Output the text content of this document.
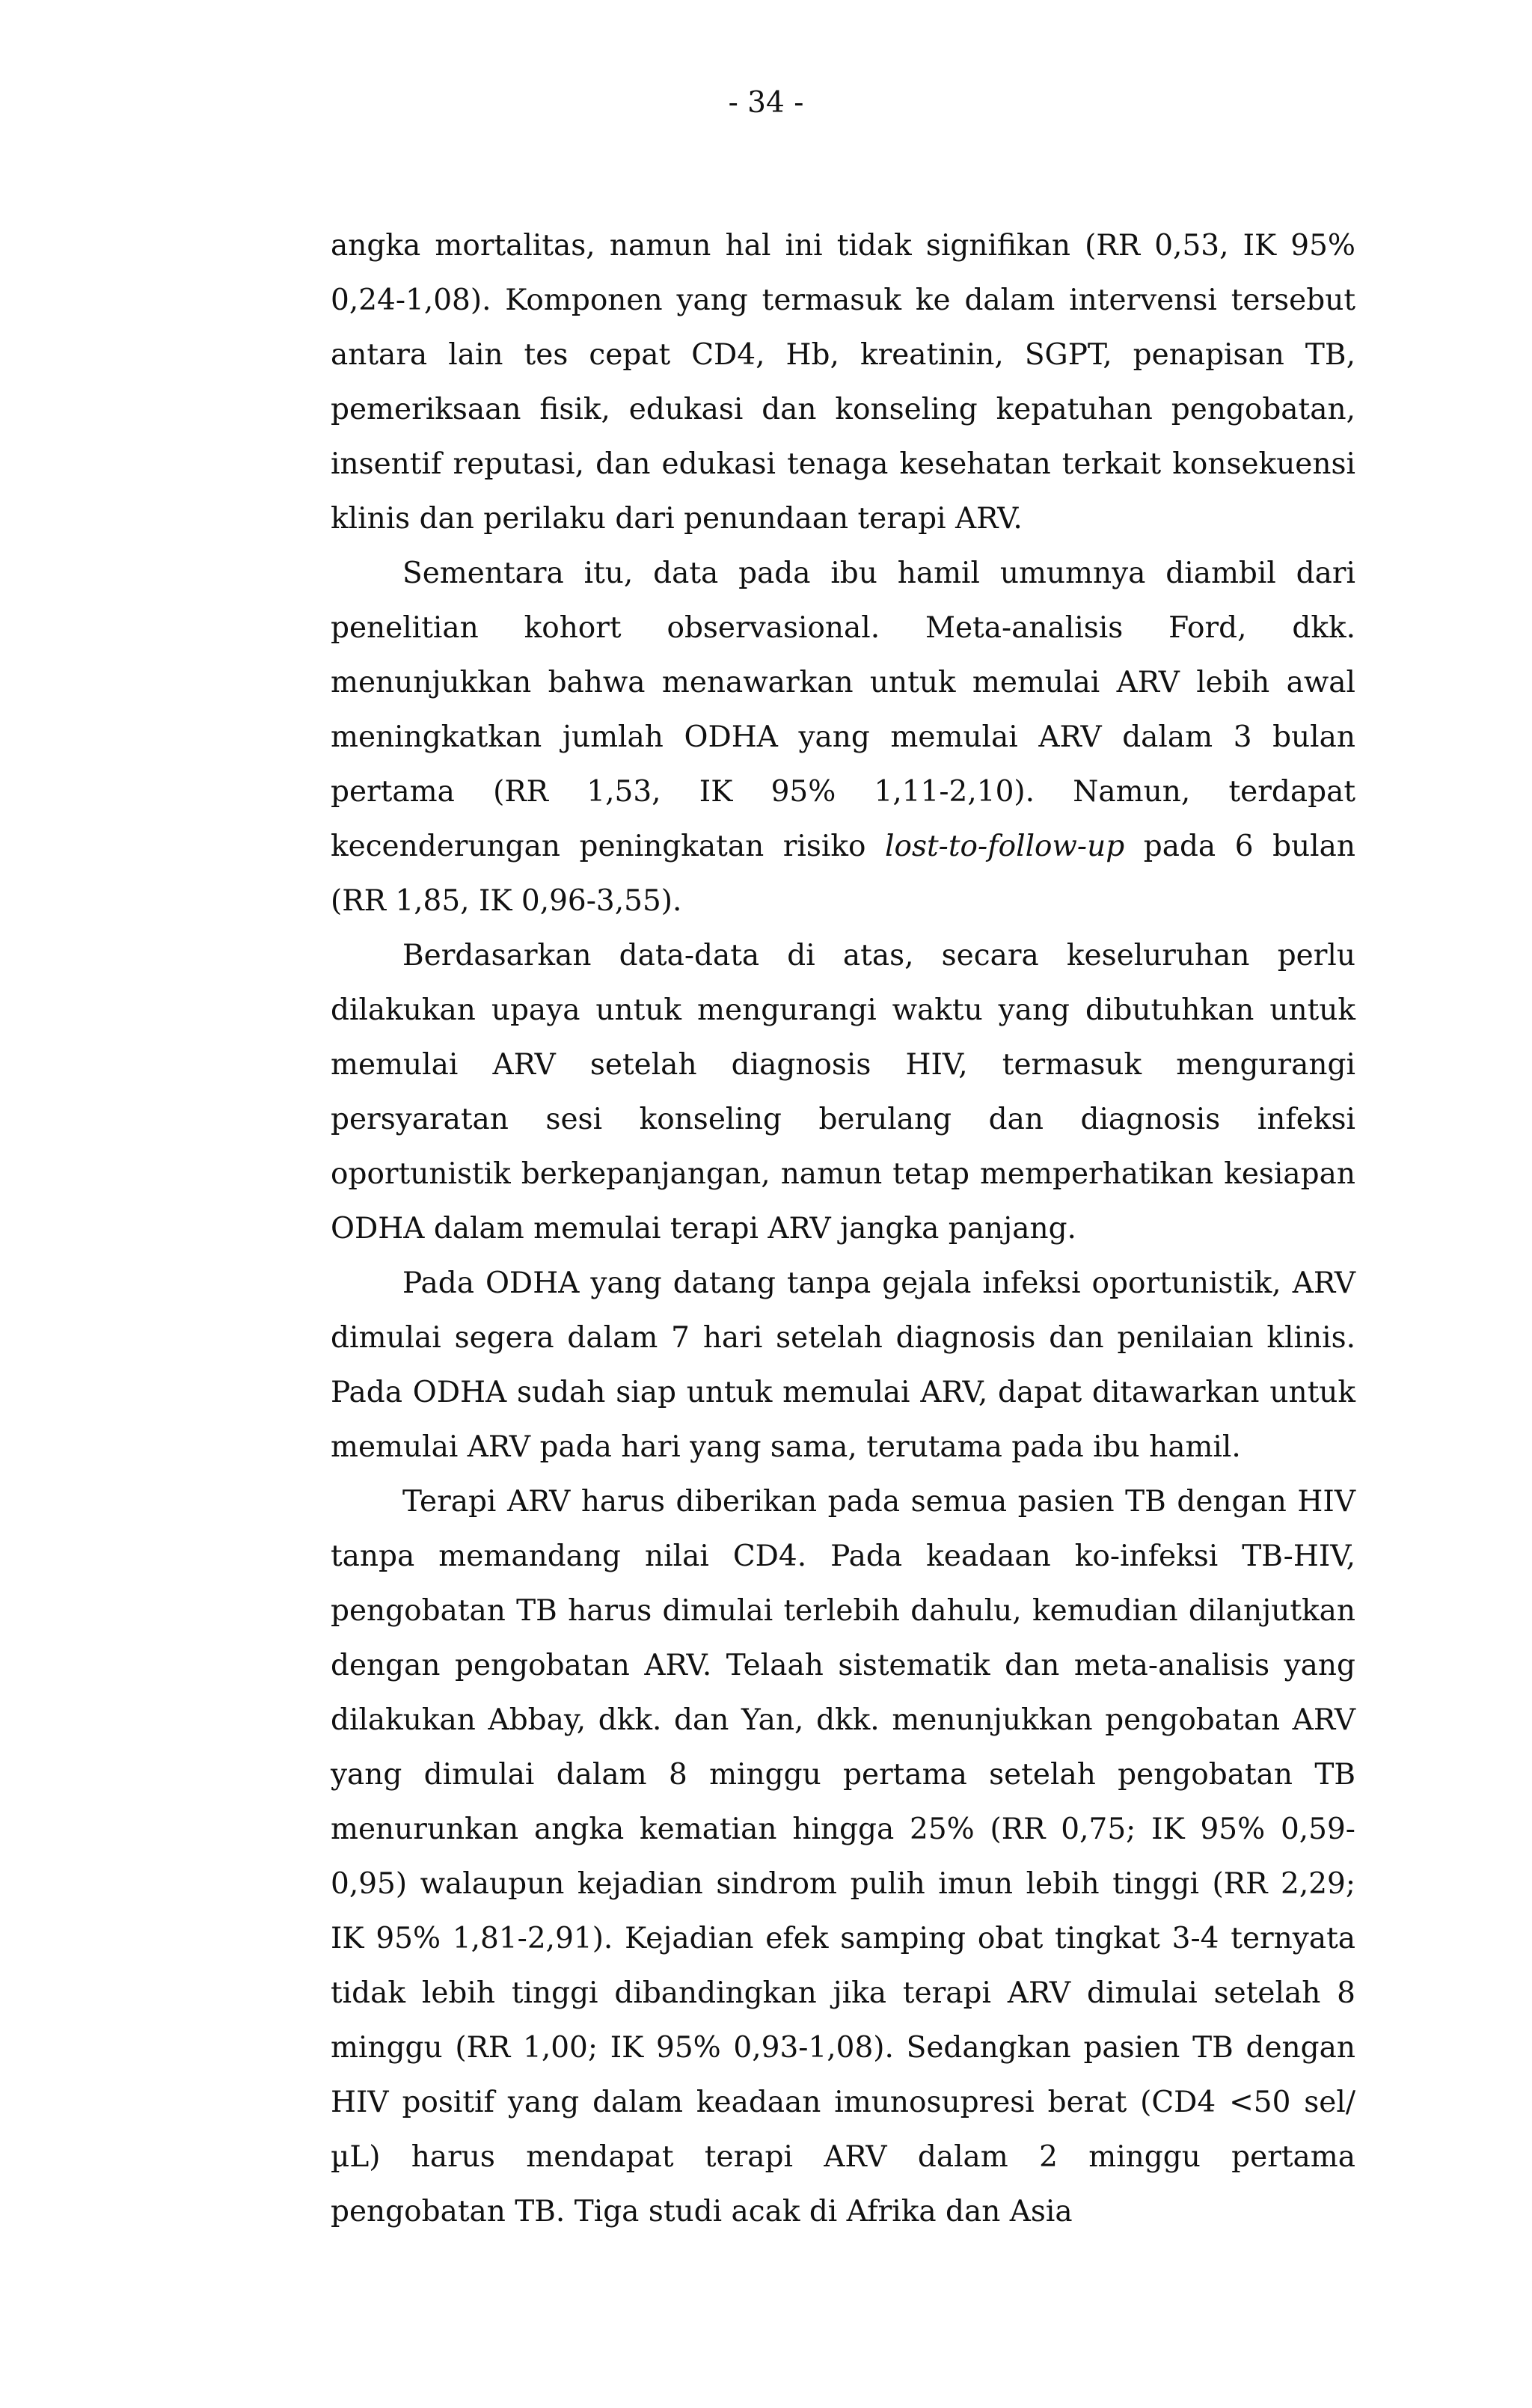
- 34 -

angka mortalitas, namun hal ini tidak signifikan (RR 0,53, IK 95% 0,24-1,08). Komponen yang termasuk ke dalam intervensi tersebut antara lain tes cepat CD4, Hb, kreatinin, SGPT, penapisan TB, pemeriksaan fisik, edukasi dan konseling kepatuhan pengobatan, insentif reputasi, dan edukasi tenaga kesehatan terkait konsekuensi klinis dan perilaku dari penundaan terapi ARV.

Sementara itu, data pada ibu hamil umumnya diambil dari penelitian kohort observasional. Meta-analisis Ford, dkk. menunjukkan bahwa menawarkan untuk memulai ARV lebih awal meningkatkan jumlah ODHA yang memulai ARV dalam 3 bulan pertama (RR 1,53, IK 95% 1,11-2,10). Namun, terdapat kecenderungan peningkatan risiko lost-to-follow-up pada 6 bulan (RR 1,85, IK 0,96-3,55).

Berdasarkan data-data di atas, secara keseluruhan perlu dilakukan upaya untuk mengurangi waktu yang dibutuhkan untuk memulai ARV setelah diagnosis HIV, termasuk mengurangi persyaratan sesi konseling berulang dan diagnosis infeksi oportunistik berkepanjangan, namun tetap memperhatikan kesiapan ODHA dalam memulai terapi ARV jangka panjang.

Pada ODHA yang datang tanpa gejala infeksi oportunistik, ARV dimulai segera dalam 7 hari setelah diagnosis dan penilaian klinis. Pada ODHA sudah siap untuk memulai ARV, dapat ditawarkan untuk memulai ARV pada hari yang sama, terutama pada ibu hamil.

Terapi ARV harus diberikan pada semua pasien TB dengan HIV tanpa memandang nilai CD4. Pada keadaan ko-infeksi TB-HIV, pengobatan TB harus dimulai terlebih dahulu, kemudian dilanjutkan dengan pengobatan ARV. Telaah sistematik dan meta-analisis yang dilakukan Abbay, dkk. dan Yan, dkk. menunjukkan pengobatan ARV yang dimulai dalam 8 minggu pertama setelah pengobatan TB menurunkan angka kematian hingga 25% (RR 0,75; IK 95% 0,59-0,95) walaupun kejadian sindrom pulih imun lebih tinggi (RR 2,29; IK 95% 1,81-2,91). Kejadian efek samping obat tingkat 3-4 ternyata tidak lebih tinggi dibandingkan jika terapi ARV dimulai setelah 8 minggu (RR 1,00; IK 95% 0,93-1,08). Sedangkan pasien TB dengan HIV positif yang dalam keadaan imunosupresi berat (CD4 <50 sel/µL) harus mendapat terapi ARV dalam 2 minggu pertama pengobatan TB. Tiga studi acak di Afrika dan Asia
